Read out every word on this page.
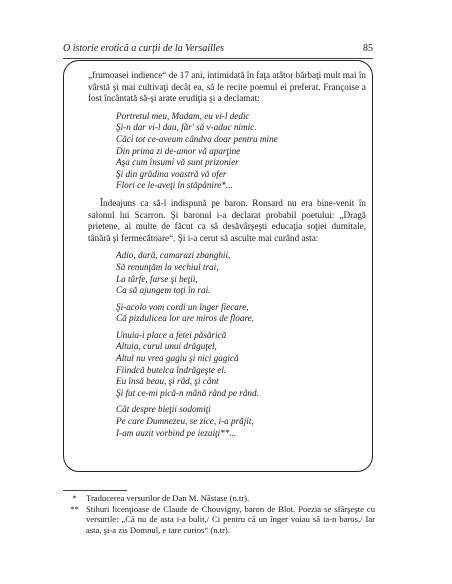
O istorie erotică a curţii de la Versailles	85

„frumoasei indience“ de 17 ani, intimidată în faţa atâtor bărbaţi mult mai în vârstă şi mai cultivaţi decât ea, să le recite poemul ei preferat. Françoise a fost încântată să-şi arate erudiţia şi a declamat:

Portretul meu, Madam, eu vi-l dedic
Şi-n dar vi-l dau, făr' să v-aduc nimic.
Căci tot ce-aveam cândva doar pentru mine
Din prima zi de-amor vă aparţine
Aşa cum însumi vă sunt prizonier
Şi din grădina voastră vă ofer
Flori ce le-aveţi în stăpânire*...

Îndeajuns ca să-l indispună pe baron. Ronsard nu era bine-venit în salonul lui Scarron. Şi baronul i-a declarat probabil poetului: „Dragă prietene, ai multe de făcut ca să desăvârşeşti educaţia soţiei dumitale, tânără şi fermecătoare“. Şi i-a cerut să asculte mai curând asta:

Adio, dară, camarazi zbanghii,
Să renunţăm la vechiul trai,
La târfe, farse şi beţii,
Ca să ajungem toţi în rai.
Şi-acolo vom cordi un înger fiecare,
Că pizdulicea lor are miros de floare.
Unuia-i place a fetei păsărică
Altuia, curul unui drăguţel,
Altul nu vrea gagiu şi nici gagică
Fiindcă butelca îndrăgeşte el.
Eu însă beau, şi râd, şi cânt
Şi fut ce-mi pică-n mână rând pe rând.
Cât despre bieţii sodomiţi
Pe care Dumnezeu, se zice, i-a prăjit,
I-am auzit vorbind pe iezuiţi**...
*	Traducerea versurilor de Dan M. Năstase (n.tr).
** Stihuri licenţioase de Claude de Chouvigny, baron de Blot. Poezia se sfârşeşte cu versurile: „Că nu de asta i-a bulit,/ Ci pentru că un înger voiau să ia-n baros,/ Iar asta, şi-a zis Domnul, e tare curios“ (n.tr).
